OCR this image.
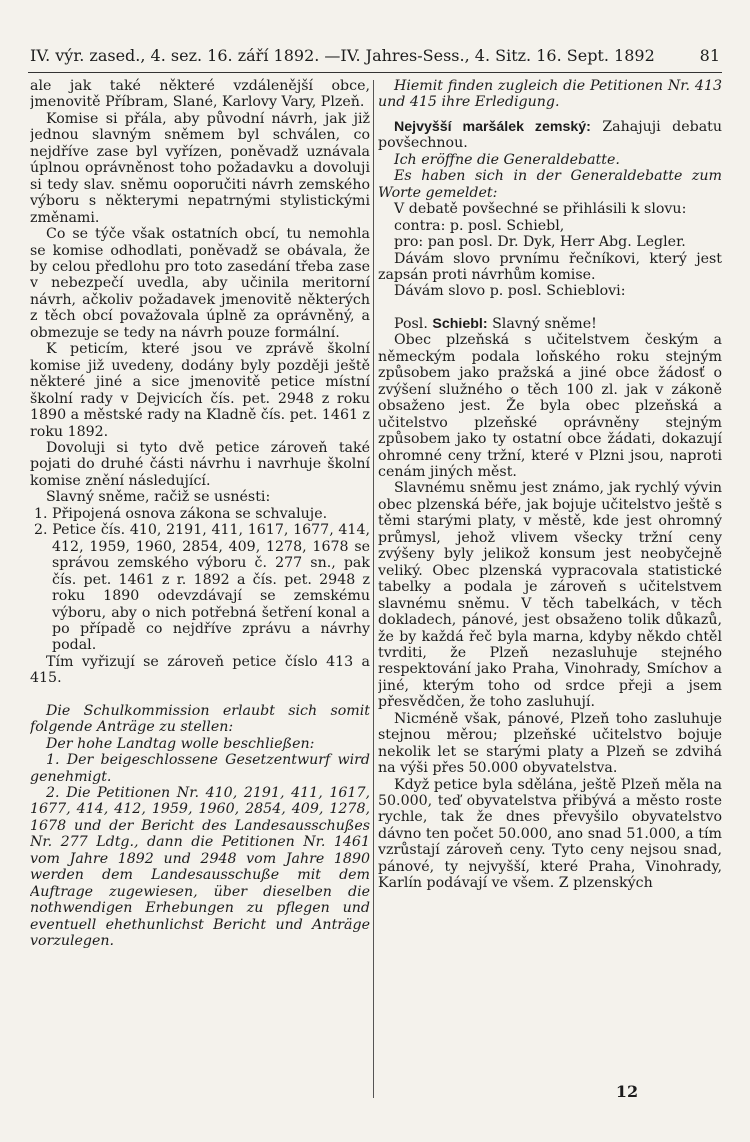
IV. výr. zased., 4. sez. 16. září 1892. —IV. Jahres-Sess., 4. Sitz. 16. Sept. 1892	81

ale jak také některé vzdálenější obce, jmenovitě Příbram, Slané, Karlovy Vary, Plzeň.

Komise si přála, aby původní návrh, jak již jednou slavným sněmem byl schválen, co nejdříve zase byl vyřízen, poněvadž uznávala úplnou oprávněnost toho požadavku a dovoluji si tedy slav. sněmu ooporučiti návrh zemského výboru s některymi nepatrnými stylistickými změnami.

Co se týče však ostatních obcí, tu nemohla se komise odhodlati, poněvadž se obávala, že by celou předlohu pro toto zasedání třeba zase v nebezpečí uvedla, aby učinila meritorní návrh, ačkoliv požadavek jmenovitě některých z těch obcí považovala úplně za oprávněný, a obmezuje se tedy na návrh pouze formální.

K peticím, které jsou ve zprávě školní komise již uvedeny, dodány byly později ještě některé jiné a sice jmenovitě petice místní školní rady v Dejvicích čís. pet. 2948 z roku 1890 a městské rady na Kladně čís. pet. 1461 z roku 1892.

Dovoluji si tyto dvě petice zároveň také pojati do druhé části návrhu i navrhuje školní komise znění následující.

Slavný sněme, račiž se usnésti:

1. Připojená osnova zákona se schvaluje.

2. Petice čís. 410, 2191, 411, 1617, 1677, 414, 412, 1959, 1960, 2854, 409, 1278, 1678 se správou zemského výboru č. 277 sn., pak čís. pet. 1461 z r. 1892 a čís. pet. 2948 z roku 1890 odevzdávají se zemskému výboru, aby o nich potřebná šetření konal a po případě co nejdříve zprávu a návrhy podal.

Tím vyřizují se zároveň petice číslo 413 a 415.

Die Schulkommission erlaubt sich somit folgende Anträge zu stellen:

Der hohe Landtag wolle beschließen:

1. Der beigeschlossene Gesetzentwurf wird genehmigt.

2. Die Petitionen Nr. 410, 2191, 411, 1617, 1677, 414, 412, 1959, 1960, 2854, 409, 1278, 1678 und der Bericht des Landesausschußes Nr. 277 Ldtg., dann die Petitionen Nr. 1461 vom Jahre 1892 und 2948 vom Jahre 1890 werden dem Landesausschuße mit dem Auftrage zugewiesen, über dieselben die nothwendigen Erhebungen zu pflegen und eventuell ehethunlichst Bericht und Anträge vorzulegen.

Hiemit finden zugleich die Petitionen Nr. 413 und 415 ihre Erledigung.

Nejvyšší maršálek zemský: Zahajuji debatu povšechnou.

Ich eröffne die Generaldebatte.

Es haben sich in der Generaldebatte zum Worte gemeldet:

V debatě povšechné se přihlásili k slovu:

contra: p. posl. Schiebl,

pro: pan posl. Dr. Dyk, Herr Abg. Legler.

Dávám slovo prvnímu řečníkovi, který jest zapsán proti návrhům komise.

Dávám slovo p. posl. Schieblovi:

Posl. Schiebl: Slavný sněme!

Obec plzeňská s učitelstvem českým a německým podala loňského roku stejným způsobem jako pražská a jiné obce žádosť o zvýšení služného o těch 100 zl. jak v zákoně obsaženo jest. Že byla obec plzeňská a učitelstvo plzeňské oprávněny stejným způsobem jako ty ostatní obce žádati, dokazují ohromné ceny tržní, které v Plzni jsou, naproti cenám jiných měst.

Slavnému sněmu jest známo, jak rychlý vývin obec plzenská béře, jak bojuje učitelstvo ještě s těmi starými platy, v městě, kde jest ohromný průmysl, jehož vlivem všecky tržní ceny zvýšeny byly jelikož konsum jest neobyčejně veliký. Obec plzenská vypracovala statistické tabelky a podala je zároveň s učitelstvem slavnému sněmu. V těch tabelkách, v těch dokladech, pánové, jest obsaženo tolik důkazů, že by každá řeč byla marna, kdyby někdo chtěl tvrditi, že Plzeň nezasluhuje stejného respektování jako Praha, Vinohrady, Smíchov a jiné, kterým toho od srdce přeji a jsem přesvědčen, že toho zasluhují.

Nicméně však, pánové, Plzeň toho zasluhuje stejnou měrou; plzeňské učitelstvo bojuje nekolik let se starými platy a Plzeň se zdvihá na výši přes 50.000 obyvatelstva.

Když petice byla sdělána, ještě Plzeň měla na 50.000, teď obyvatelstva přibývá a město roste rychle, tak že dnes převyšilo obyvatelstvo dávno ten počet 50.000, ano snad 51.000, a tím vzrůstají zároveň ceny. Tyto ceny nejsou snad, pánové, ty nejvyšší, které Praha, Vinohrady, Karlín podávají ve všem. Z plzenských

12
